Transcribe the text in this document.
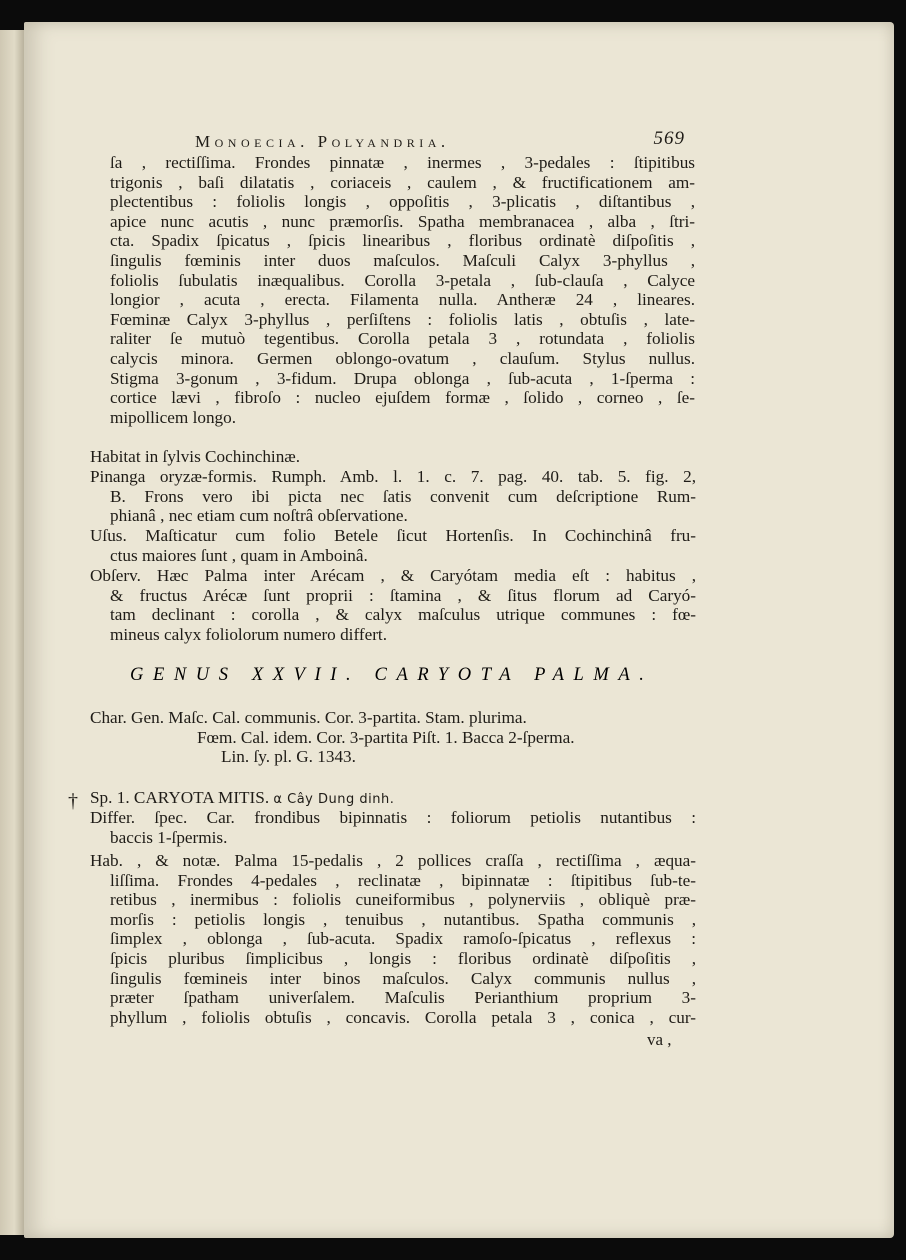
Monoecia. Polyandria.	569
ſa , rectiſſima. Frondes pinnatæ , inermes , 3-pedales : ſtipitibus
trigonis , baſi dilatatis , coriaceis , caulem , & fructificationem am-
plectentibus : foliolis longis , oppoſitis , 3-plicatis , diſtantibus ,
apice nunc acutis , nunc præmorſis. Spatha membranacea , alba , ſtri-
cta. Spadix ſpicatus , ſpicis linearibus , floribus ordinatè diſpoſitis ,
ſingulis fœminis inter duos maſculos. Maſculi Calyx 3-phyllus ,
foliolis ſubulatis inæqualibus. Corolla 3-petala , ſub-clauſa , Calyce
longior , acuta , erecta. Filamenta nulla. Antheræ 24 , lineares.
Fœminæ Calyx 3-phyllus , perſiſtens : foliolis latis , obtuſis , late-
raliter ſe mutuò tegentibus. Corolla petala 3 , rotundata , foliolis
calycis minora. Germen oblongo-ovatum , clauſum. Stylus nullus.
Stigma 3-gonum , 3-fidum. Drupa oblonga , ſub-acuta , 1-ſperma :
cortice lævi , fibroſo : nucleo ejuſdem formæ , ſolido , corneo , ſe-
mipollicem longo.
Habitat in ſylvis Cochinchinæ.
Pinanga oryzæ-formis. Rumph. Amb. l. 1. c. 7. pag. 40. tab. 5. fig. 2,
B. Frons vero ibi picta nec ſatis convenit cum deſcriptione Rum-
phianâ , nec etiam cum noſtrâ obſervatione.
Uſus. Maſticatur cum folio Betele ſicut Hortenſis. In Cochinchinâ fru-
ctus maiores ſunt , quam in Amboinâ.
Obſerv. Hæc Palma inter Arécam , & Caryótam media eſt : habitus ,
& fructus Arécæ ſunt proprii : ſtamina , & ſitus florum ad Caryó-
tam declinant : corolla , & calyx maſculus utrique communes : fœ-
mineus calyx foliolorum numero differt.
GENUS XXVII. CARYOTA PALMA.
Char. Gen. Maſc. Cal. communis. Cor. 3-partita. Stam. plurima.
Fœm. Cal. idem. Cor. 3-partita Piſt. 1. Bacca 2-ſperma.
Lin. ſy. pl. G. 1343.
† Sp. 1. CARYOTA MITIS. α Cây Dung dinh.
Differ. ſpec. Car. frondibus bipinnatis : foliorum petiolis nutantibus :
baccis 1-ſpermis.
Hab. , & notæ. Palma 15-pedalis , 2 pollices craſſa , rectiſſima , æqua-
liſſima. Frondes 4-pedales , reclinatæ , bipinnatæ : ſtipitibus ſub-te-
retibus , inermibus : foliolis cuneiformibus , polynerviis , obliquè præ-
morſis : petiolis longis , tenuibus , nutantibus. Spatha communis ,
ſimplex , oblonga , ſub-acuta. Spadix ramoſo-ſpicatus , reflexus :
ſpicis pluribus ſimplicibus , longis : floribus ordinatè diſpoſitis ,
ſingulis fœmineis inter binos maſculos. Calyx communis nullus ,
præter ſpatham univerſalem. Maſculis Perianthium proprium 3-
phyllum , foliolis obtuſis , concavis. Corolla petala 3 , conica , cur-
va ,
